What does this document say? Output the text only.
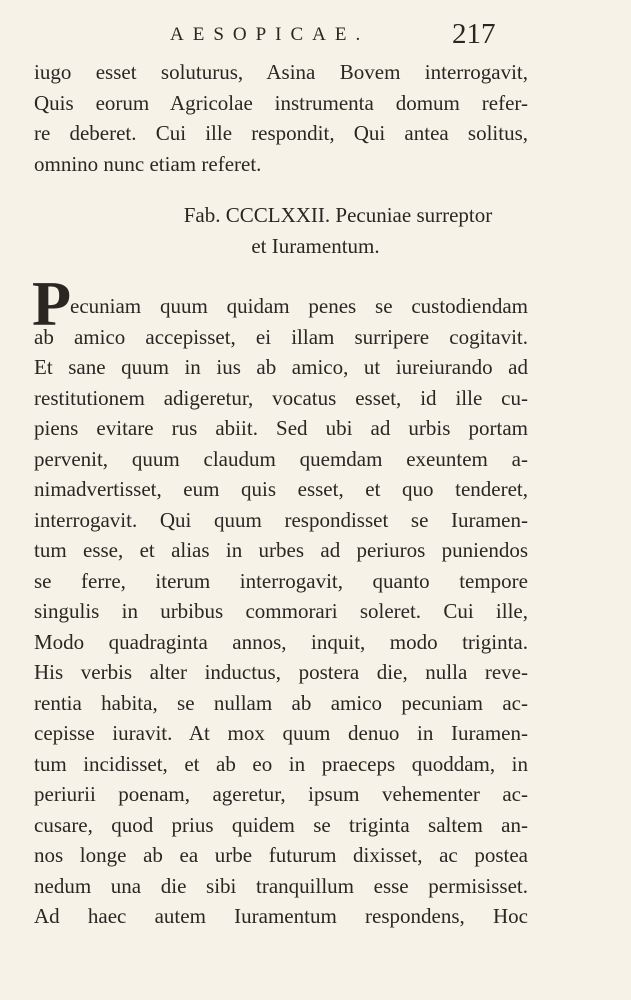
AESOPICAE.	217
iugo esset soluturus, Asina Bovem interrogavit,
Quis eorum Agricolae instrumenta domum refer-
re deberet. Cui ille respondit, Qui antea solitus,
omnino nunc etiam referet.
Fab. CCCLXXII. Pecuniae surreptor
et Iuramentum.
P
ecuniam quum quidam penes se custodiendam
ab amico accepisset, ei illam surripere cogitavit.
Et sane quum in ius ab amico, ut iureiurando ad
restitutionem adigeretur, vocatus esset, id ille cu-
piens evitare rus abiit. Sed ubi ad urbis portam
pervenit, quum claudum quemdam exeuntem a-
nimadvertisset, eum quis esset, et quo tenderet,
interrogavit. Qui quum respondisset se Iuramen-
tum esse, et alias in urbes ad periuros puniendos
se ferre, iterum interrogavit, quanto tempore
singulis in urbibus commorari soleret. Cui ille,
Modo quadraginta annos, inquit, modo triginta.
His verbis alter inductus, postera die, nulla reve-
rentia habita, se nullam ab amico pecuniam ac-
cepisse iuravit. At mox quum denuo in Iuramen-
tum incidisset, et ab eo in praeceps quoddam, in
periurii poenam, ageretur, ipsum vehementer ac-
cusare, quod prius quidem se triginta saltem an-
nos longe ab ea urbe futurum dixisset, ac postea
nedum una die sibi tranquillum esse permisisset.
Ad haec autem Iuramentum respondens, Hoc
